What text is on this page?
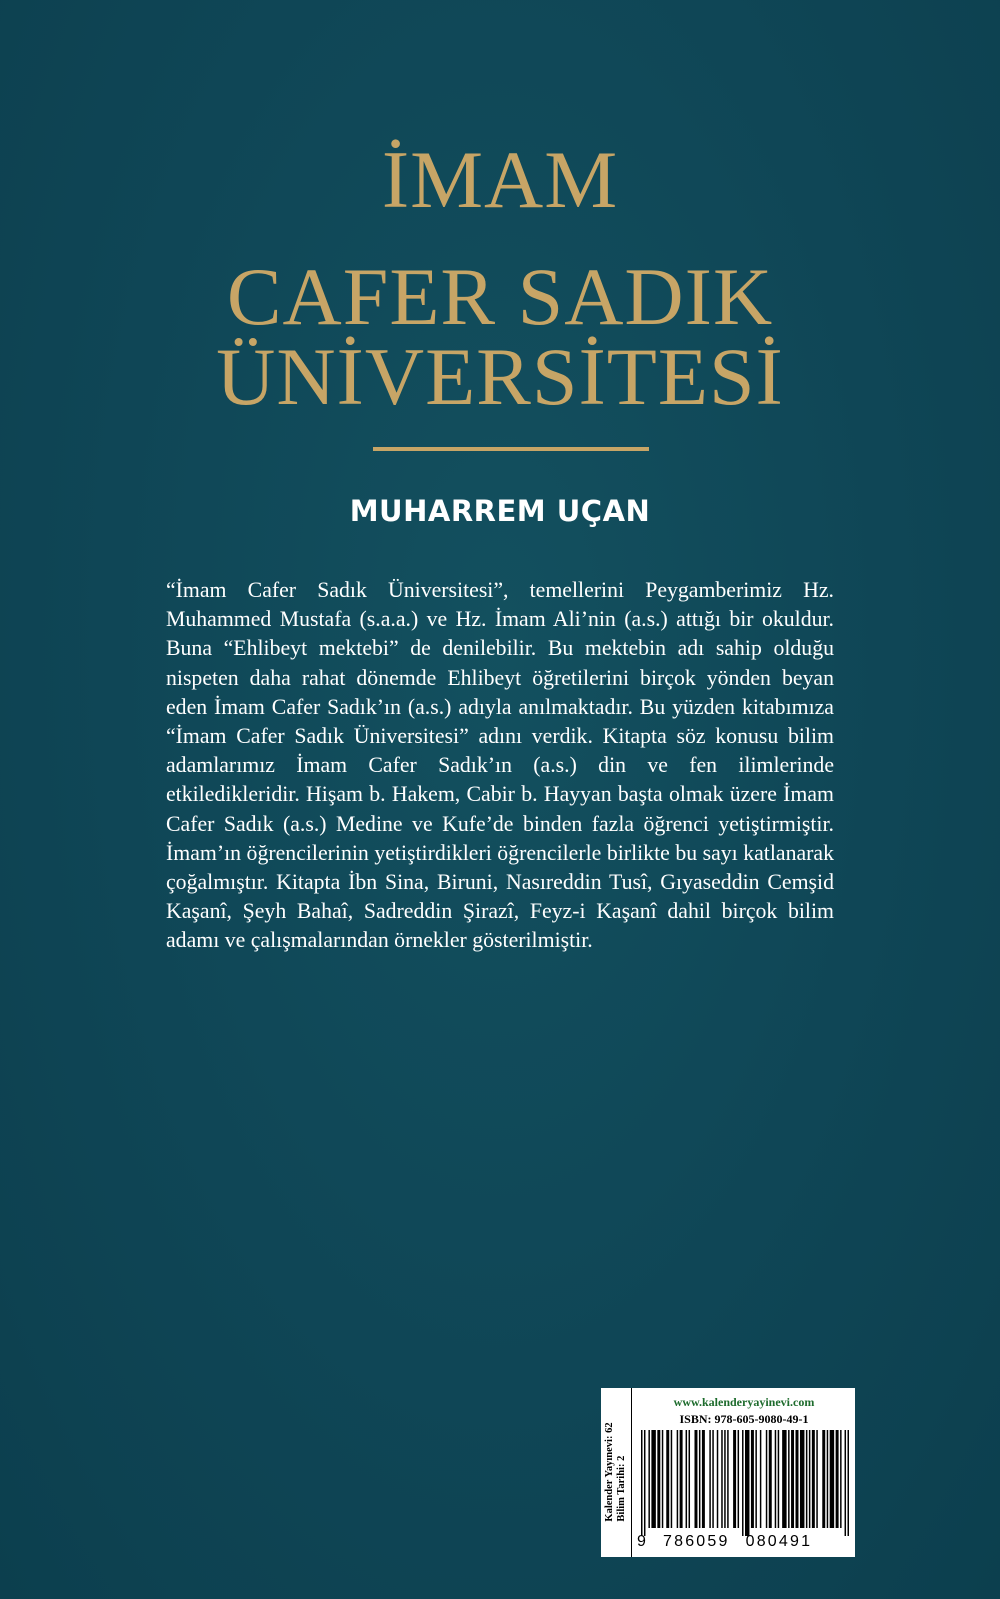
İMAM
CAFER SADIK
ÜNİVERSİTESİ
MUHARREM UÇAN

“İmam Cafer Sadık Üniversitesi”, temellerini Peygamberimiz Hz. Muhammed Mustafa (s.a.a.) ve Hz. İmam Ali’nin (a.s.) attığı bir okuldur. Buna “Ehlibeyt mektebi” de denilebilir. Bu mektebin adı sahip olduğu nispeten daha rahat dönemde Ehlibeyt öğretilerini birçok yönden beyan eden İmam Cafer Sadık’ın (a.s.) adıyla anılmaktadır. Bu yüzden kitabımıza “İmam Cafer Sadık Üniversitesi” adını verdik. Kitapta söz konusu bilim adamlarımız İmam Cafer Sadık’ın (a.s.) din ve fen ilimlerinde etkiledikleridir. Hişam b. Hakem, Cabir b. Hayyan başta olmak üzere İmam Cafer Sadık (a.s.) Medine ve Kufe’de binden fazla öğrenci yetiştirmiştir. İmam’ın öğrencilerinin yetiştirdikleri öğrencilerle birlikte bu sayı katlanarak çoğalmıştır. Kitapta İbn Sina, Biruni, Nasıreddin Tusî, Gıyaseddin Cemşid Kaşanî, Şeyh Bahaî, Sadreddin Şirazî, Feyz-i Kaşanî dahil birçok bilim adamı ve çalışmalarından örnekler gösterilmiştir.

Kalender Yayınevi: 62 Bilim Tarihi: 2
www.kalenderyayinevi.com
ISBN: 978-605-9080-49-1
9	786059 080491
